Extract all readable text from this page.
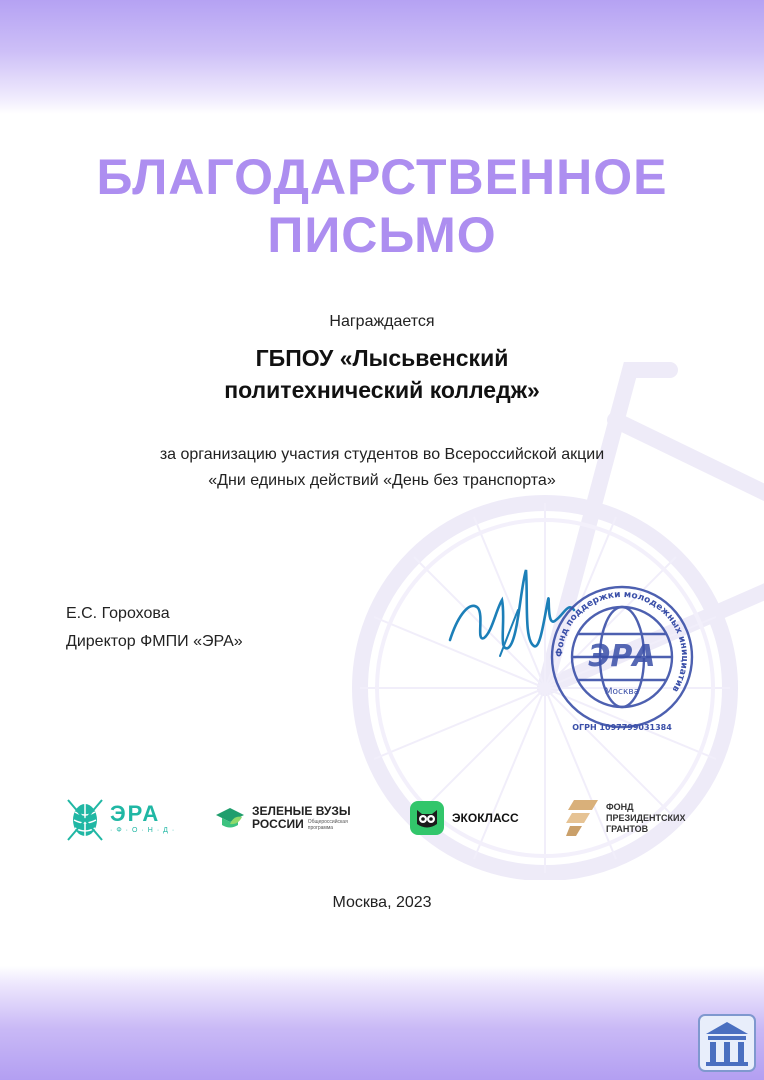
БЛАГОДАРСТВЕННОЕ
ПИСЬМО
Награждается
ГБПОУ «Лысьвенский
политехнический колледж»
за организацию участия студентов во Всероссийской акции
«Дни единых действий «День без транспорта»
Е.С. Горохова
Директор ФМПИ «ЭРА»
Фонд поддержки молодежных инициатив
ЭРА
Москва
ОГРН 1097799031384
ЭРА
·Ф·О·Н·Д·
ЗЕЛЕНЫЕ ВУЗЫ
РОССИИ Общероссийская программа
ЭКОКЛАСС
ФОНД
ПРЕЗИДЕНТСКИХ
ГРАНТОВ
Москва, 2023
